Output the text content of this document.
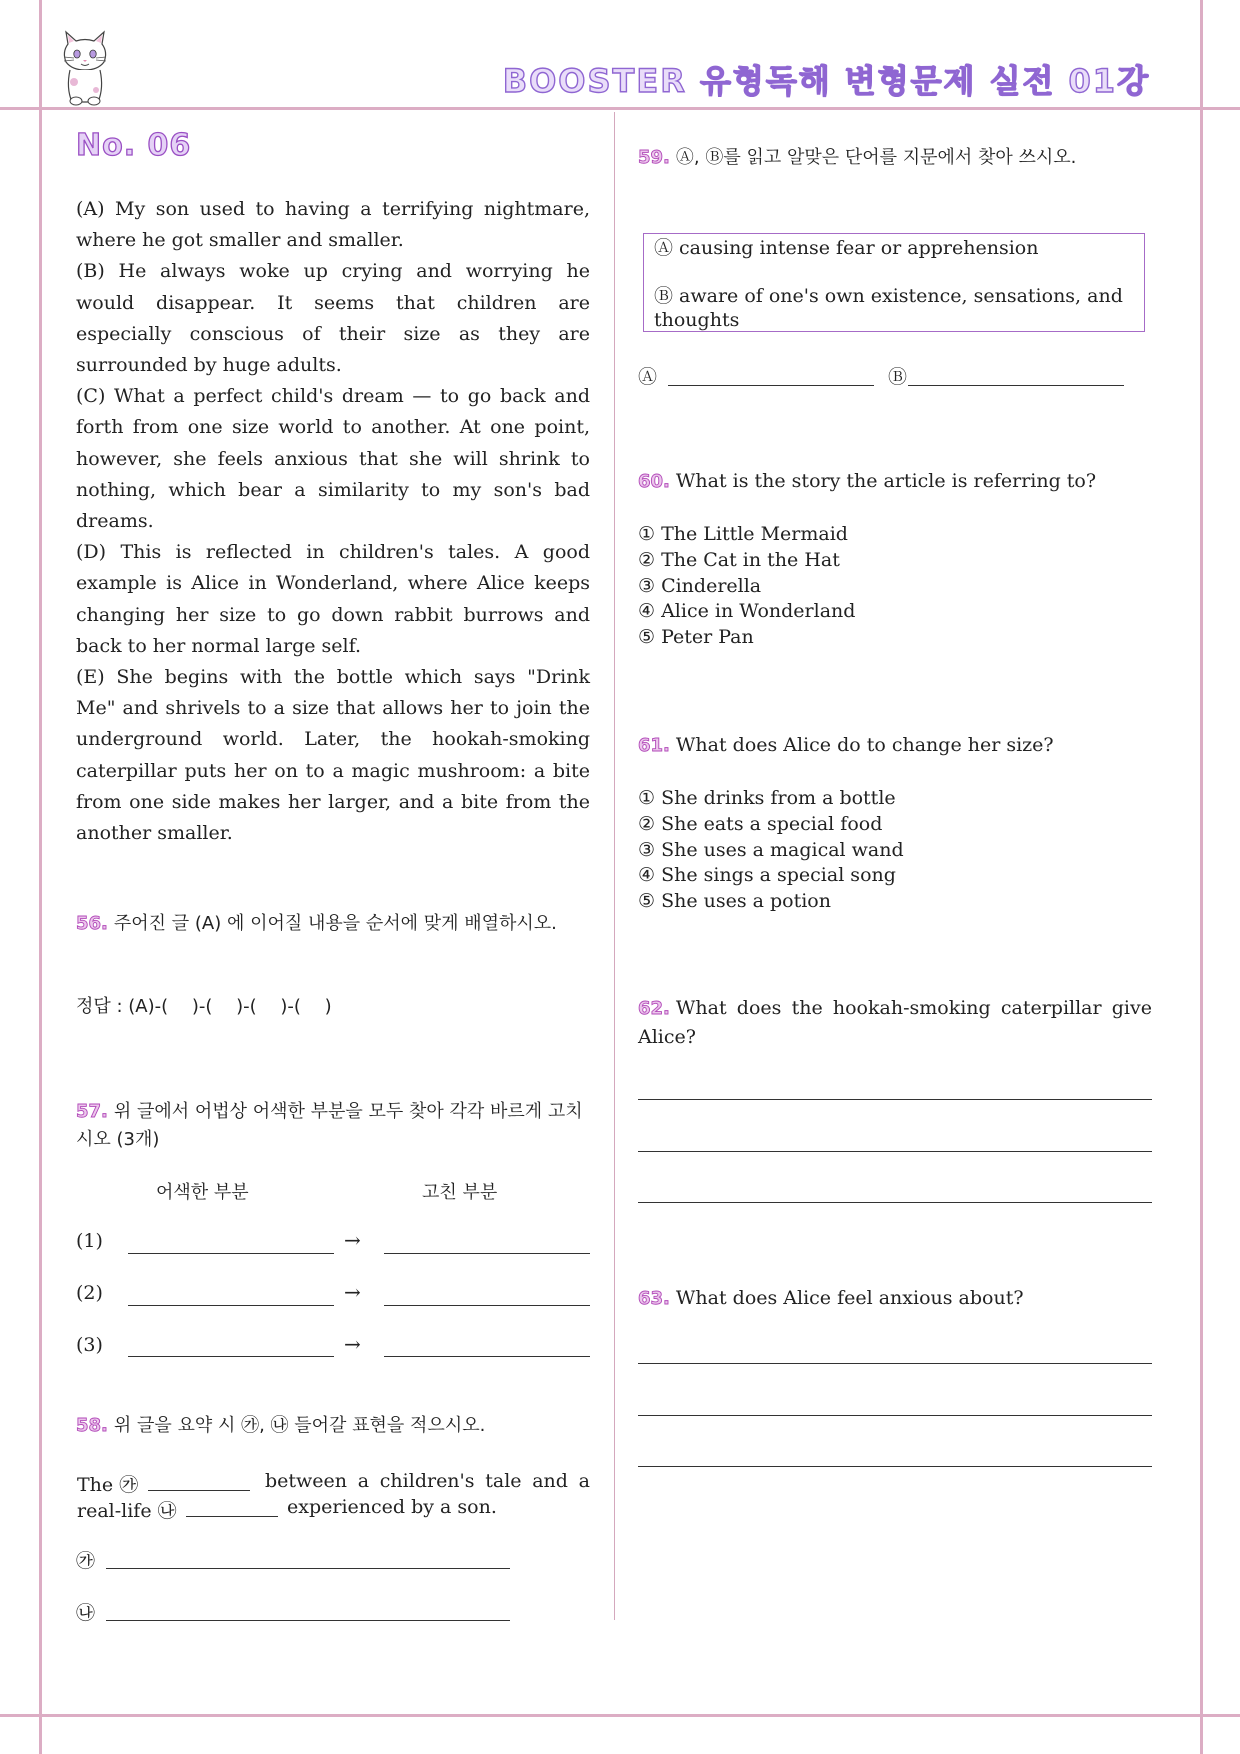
BOOSTER 유형독해 변형문제 실전 01강
No. 06

(A) My son used to having a terrifying nightmare, where he got smaller and smaller.

(B) He always woke up crying and worrying he would disappear. It seems that children are especially conscious of their size as they are surrounded by huge adults.

(C) What a perfect child's dream — to go back and forth from one size world to another. At one point, however, she feels anxious that she will shrink to nothing, which bear a similarity to my son's bad dreams.

(D) This is reflected in children's tales. A good example is Alice in Wonderland, where Alice keeps changing her size to go down rabbit burrows and back to her normal large self.

(E) She begins with the bottle which says "Drink Me" and shrivels to a size that allows her to join the underground world. Later, the hookah-smoking caterpillar puts her on to a magic mushroom: a bite from one side makes her larger, and a bite from the another smaller.

56. 주어진 글 (A) 에 이어질 내용을 순서에 맞게 배열하시오.
정답 : (A)-(　 )-(　 )-(　 )-(　 )
57. 위 글에서 어법상 어색한 부분을 모두 찾아 각각 바르게 고치시오 (3개)
어색한 부분	고친 부분
(1)	→
(2)	→
(3)	→
58. 위 글을 요약 시 ㉮, ㉯ 들어갈 표현을 적으시오.
The ㉮	between a children's tale and a
real-life ㉯	experienced by a son.
㉮
㉯
59. Ⓐ, Ⓑ를 읽고 알맞은 단어를 지문에서 찾아 쓰시오.
Ⓐ causing intense fear or apprehension
Ⓑ aware of one's own existence, sensations, and thoughts
Ⓐ	Ⓑ
60. What is the story the article is referring to?
① The Little Mermaid
② The Cat in the Hat
③ Cinderella
④ Alice in Wonderland
⑤ Peter Pan
61. What does Alice do to change her size?
① She drinks from a bottle
② She eats a special food
③ She uses a magical wand
④ She sings a special song
⑤ She uses a potion
62. What does the hookah-smoking caterpillar give Alice?
63. What does Alice feel anxious about?
